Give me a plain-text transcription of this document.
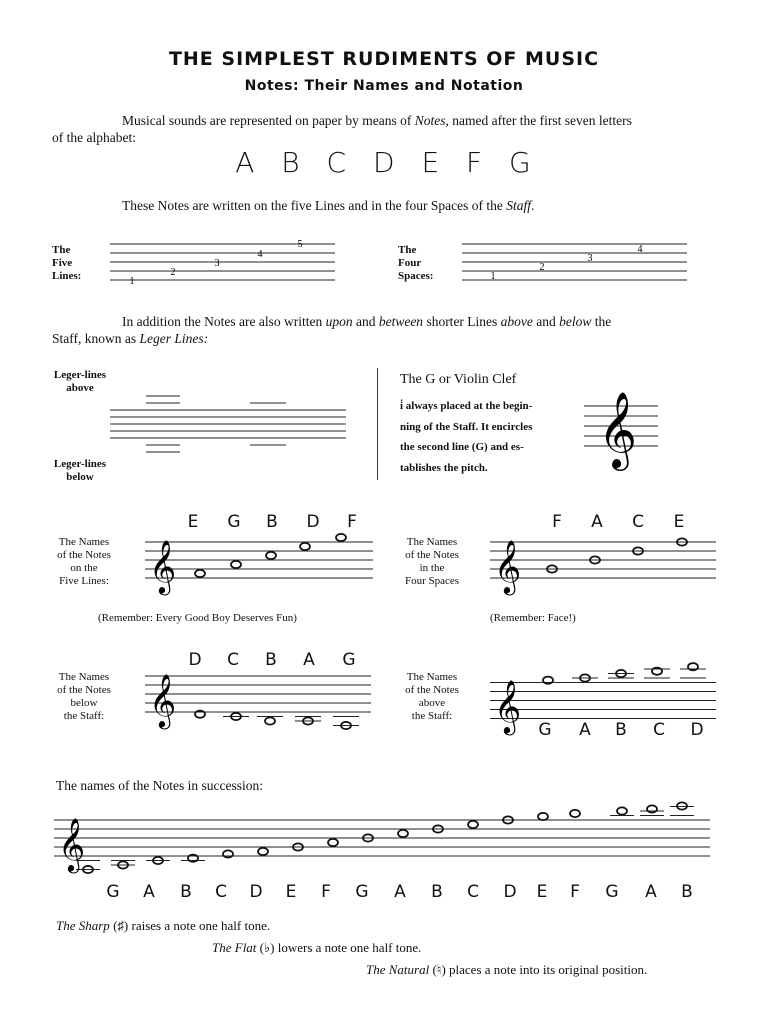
THE SIMPLEST RUDIMENTS OF MUSIC
Notes: Their Names and Notation
Musical sounds are represented on paper by means of Notes, named after the first seven letters
of the alphabet:
A B C D E F G
These Notes are written on the five Lines and in the four Spaces of the Staff.
The
Five
Lines:	1
2
3
4
5	The
Four
Spaces:	1
2
3
4
In addition the Notes are also written upon and between shorter Lines above and below the
Staff, known as Leger Lines:
Leger-lines
above
Leger-lines
below
The G or Violin Clef
i̇ always placed at the begin-
ning of the Staff. It encircles
the second line (G) and es-
tablishes the pitch.	𝄞
The Names
of the Notes
on the
Five Lines:
E G B D F
𝄞
(Remember: Every Good Boy Deserves Fun)
The Names
of the Notes
in the
Four Spaces
F A C E
𝄞
(Remember: Face!)
The Names
of the Notes
below
the Staff:
D C B A G
𝄞	The Names
of the Notes
above
the Staff: 𝄞 G A B C D
The names of the Notes in succession:
𝄞
G A B C D E F G A B C D E F G A B
The Sharp (♯) raises a note one half tone.
The Flat (♭) lowers a note one half tone.
The Natural (♮) places a note into its original position.
